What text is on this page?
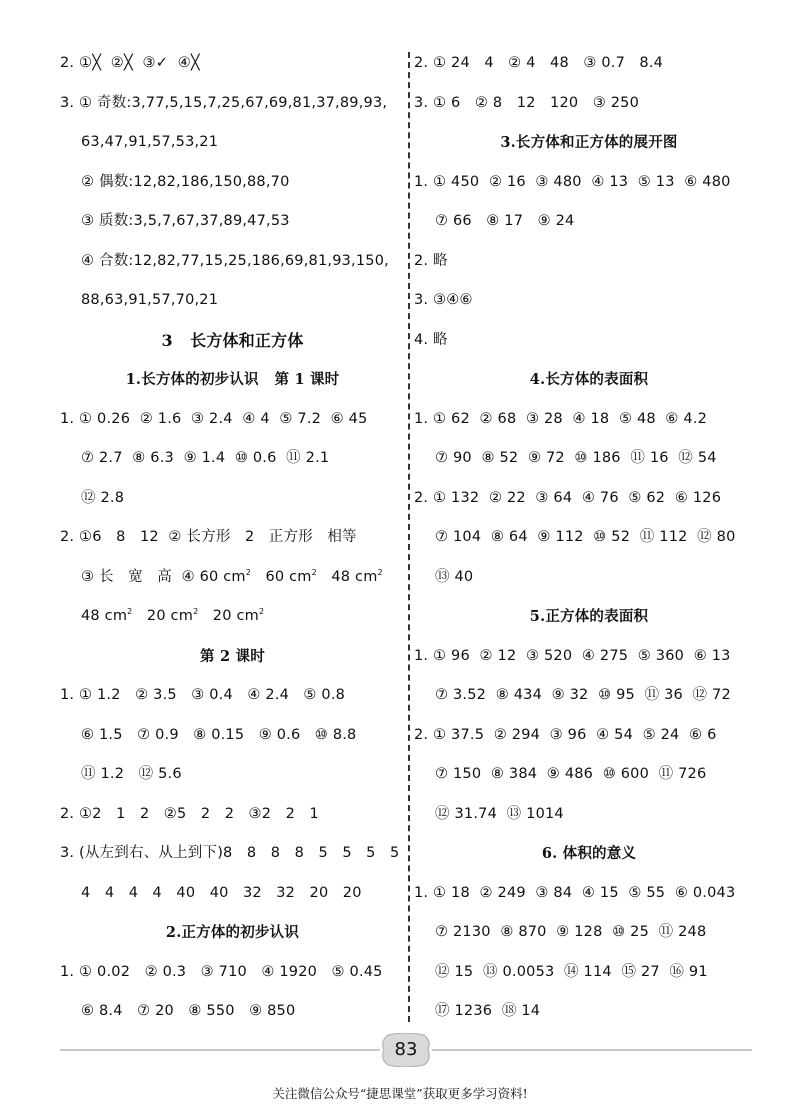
2. ①╳  ②╳  ③✓  ④╳
3. ① 奇数:3,77,5,15,7,25,67,69,81,37,89,93,
63,47,91,57,53,21
② 偶数:12,82,186,150,88,70
③ 质数:3,5,7,67,37,89,47,53
④ 合数:12,82,77,15,25,186,69,81,93,150,
88,63,91,57,70,21
3   长方体和正方体
1.长方体的初步认识   第 1 课时
1. ① 0.26  ② 1.6  ③ 2.4  ④ 4  ⑤ 7.2  ⑥ 45
⑦ 2.7  ⑧ 6.3  ⑨ 1.4  ⑩ 0.6  ⑪ 2.1
⑫ 2.8
2. ①6   8   12  ② 长方形   2   正方形   相等
③ 长   宽   高  ④ 60 $cm^2$   60 $cm^2$   48 $cm^2$
48 $cm^2$   20 $cm^2$   20 $cm^2$
第 2 课时
1. ① 1.2   ② 3.5   ③ 0.4   ④ 2.4   ⑤ 0.8
⑥ 1.5   ⑦ 0.9   ⑧ 0.15   ⑨ 0.6   ⑩ 8.8
⑪ 1.2   ⑫ 5.6
2. ①2   1   2   ②5   2   2   ③2   2   1
3. (从左到右、从上到下)8   8   8   8   5   5   5   5
4   4   4   4   40   40   32   32   20   20
2.正方体的初步认识
1. ① 0.02   ② 0.3   ③ 710   ④ 1920   ⑤ 0.45
⑥ 8.4   ⑦ 20   ⑧ 550   ⑨ 850
2. ① 24   4   ② 4   48   ③ 0.7   8.4
3. ① 6   ② 8   12   120   ③ 250
3.长方体和正方体的展开图
1. ① 450  ② 16  ③ 480  ④ 13  ⑤ 13  ⑥ 480
⑦ 66   ⑧ 17   ⑨ 24
2. 略
3. ③④⑥
4. 略
4.长方体的表面积
1. ① 62  ② 68  ③ 28  ④ 18  ⑤ 48  ⑥ 4.2
⑦ 90  ⑧ 52  ⑨ 72  ⑩ 186  ⑪ 16  ⑫ 54
2. ① 132  ② 22  ③ 64  ④ 76  ⑤ 62  ⑥ 126
⑦ 104  ⑧ 64  ⑨ 112  ⑩ 52  ⑪ 112  ⑫ 80
⑬ 40
5.正方体的表面积
1. ① 96  ② 12  ③ 520  ④ 275  ⑤ 360  ⑥ 13
⑦ 3.52  ⑧ 434  ⑨ 32  ⑩ 95  ⑪ 36  ⑫ 72
2. ① 37.5  ② 294  ③ 96  ④ 54  ⑤ 24  ⑥ 6
⑦ 150  ⑧ 384  ⑨ 486  ⑩ 600  ⑪ 726
⑫ 31.74  ⑬ 1014
6. 体积的意义
1. ① 18  ② 249  ③ 84  ④ 15  ⑤ 55  ⑥ 0.043
⑦ 2130  ⑧ 870  ⑨ 128  ⑩ 25  ⑪ 248
⑫ 15  ⑬ 0.0053  ⑭ 114  ⑮ 27  ⑯ 91
⑰ 1236  ⑱ 14
83
关注微信公众号“捷思课堂”获取更多学习资料!
